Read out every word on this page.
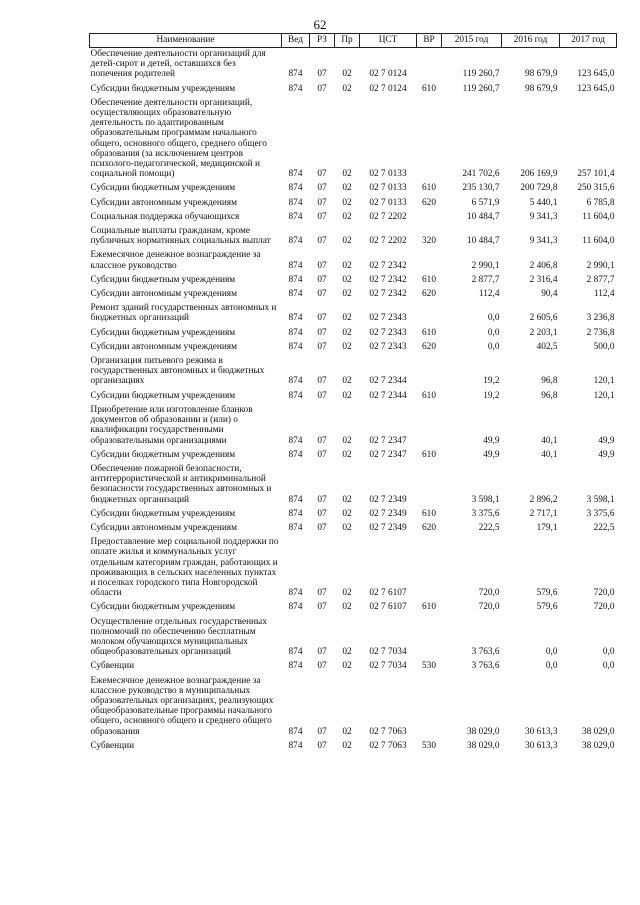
62
Наименование	Вед	РЗ	Пр	ЦСТ	ВР	2015 год	2016 год	2017 год
Обеспечение деятельности организаций для детей-сирот и детей, оставшихся без попечения родителей	874	07	02	02 7 0124		119 260,7	98 679,9	123 645,0
Субсидии бюджетным учреждениям	874	07	02	02 7 0124	610	119 260,7	98 679,9	123 645,0
Обеспечение деятельности организаций, осуществляющих образовательную деятельность по адаптированным образовательным программам начального общего, основного общего, среднего общего образования (за исключением центров психолого-педагогической, медицинской и социальной помощи)	874	07	02	02 7 0133		241 702,6	206 169,9	257 101,4
Субсидии бюджетным учреждениям	874	07	02	02 7 0133	610	235 130,7	200 729,8	250 315,6
Субсидии автономным учреждениям	874	07	02	02 7 0133	620	6 571,9	5 440,1	6 785,8
Социальная поддержка обучающихся	874	07	02	02 7 2202		10 484,7	9 341,3	11 604,0
Социальные выплаты гражданам, кроме публичных нормативных социальных выплат	874	07	02	02 7 2202	320	10 484,7	9 341,3	11 604,0
Ежемесячное денежное вознаграждение за классное руководство	874	07	02	02 7 2342		2 990,1	2 406,8	2 990,1
Субсидии бюджетным учреждениям	874	07	02	02 7 2342	610	2 877,7	2 316,4	2 877,7
Субсидии автономным учреждениям	874	07	02	02 7 2342	620	112,4	90,4	112,4
Ремонт зданий государственных автономных и бюджетных организаций	874	07	02	02 7 2343		0,0	2 605,6	3 236,8
Субсидии бюджетным учреждениям	874	07	02	02 7 2343	610	0,0	2 203,1	2 736,8
Субсидии автономным учреждениям	874	07	02	02 7 2343	620	0,0	402,5	500,0
Организация питьевого режима в государственных автономных и бюджетных организациях	874	07	02	02 7 2344		19,2	96,8	120,1
Субсидии бюджетным учреждениям	874	07	02	02 7 2344	610	19,2	96,8	120,1
Приобретение или изготовление бланков документов об образовании и (или) о квалификации государственными образовательными организациями	874	07	02	02 7 2347		49,9	40,1	49,9
Субсидии бюджетным учреждениям	874	07	02	02 7 2347	610	49,9	40,1	49,9
Обеспечение пожарной безопасности, антитеррористической и антикриминальной безопасности государственных автономных и бюджетных организаций	874	07	02	02 7 2349		3 598,1	2 896,2	3 598,1
Субсидии бюджетным учреждениям	874	07	02	02 7 2349	610	3 375,6	2 717,1	3 375,6
Субсидии автономным учреждениям	874	07	02	02 7 2349	620	222,5	179,1	222,5
Предоставление мер социальной поддержки по оплате жилья и коммунальных услуг отдельным категориям граждан, работающих и проживающих в сельских населенных пунктах и поселках городского типа Новгородской области	874	07	02	02 7 6107		720,0	579,6	720,0
Субсидии бюджетным учреждениям	874	07	02	02 7 6107	610	720,0	579,6	720,0
Осуществление отдельных государственных полномочий по обеспечению бесплатным молоком обучающихся муниципальных общеобразовательных организаций	874	07	02	02 7 7034		3 763,6	0,0	0,0
Субвенции	874	07	02	02 7 7034	530	3 763,6	0,0	0,0
Ежемесячное денежное вознаграждение за классное руководство в муниципальных образовательных организациях, реализующих общеобразовательные программы начального общего, основного общего и среднего общего образования	874	07	02	02 7 7063		38 029,0	30 613,3	38 029,0
Субвенции	874	07	02	02 7 7063	530	38 029,0	30 613,3	38 029,0
